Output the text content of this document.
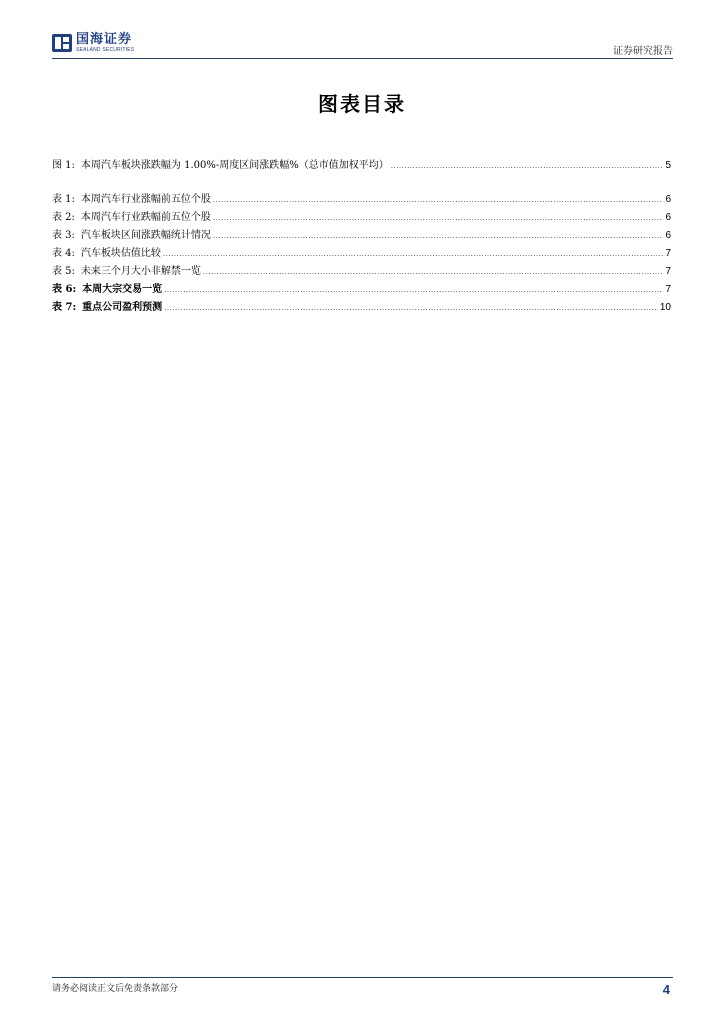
国海证券
SEALAND SECURITIES	证券研究报告
图表目录
图 1: 本周汽车板块涨跌幅为 1.00%-周度区间涨跌幅%（总市值加权平均） .....	5
表 1: 本周汽车行业涨幅前五位个股 .....	6
表 2: 本周汽车行业跌幅前五位个股 .....	6
表 3: 汽车板块区间涨跌幅统计情况 .....	6
表 4: 汽车板块估值比较 .....	7
表 5: 未来三个月大小非解禁一览 .....	7
表 6: 本周大宗交易一览 .....	7
表 7: 重点公司盈利预测 .....	10
请务必阅读正文后免责条款部分	4
